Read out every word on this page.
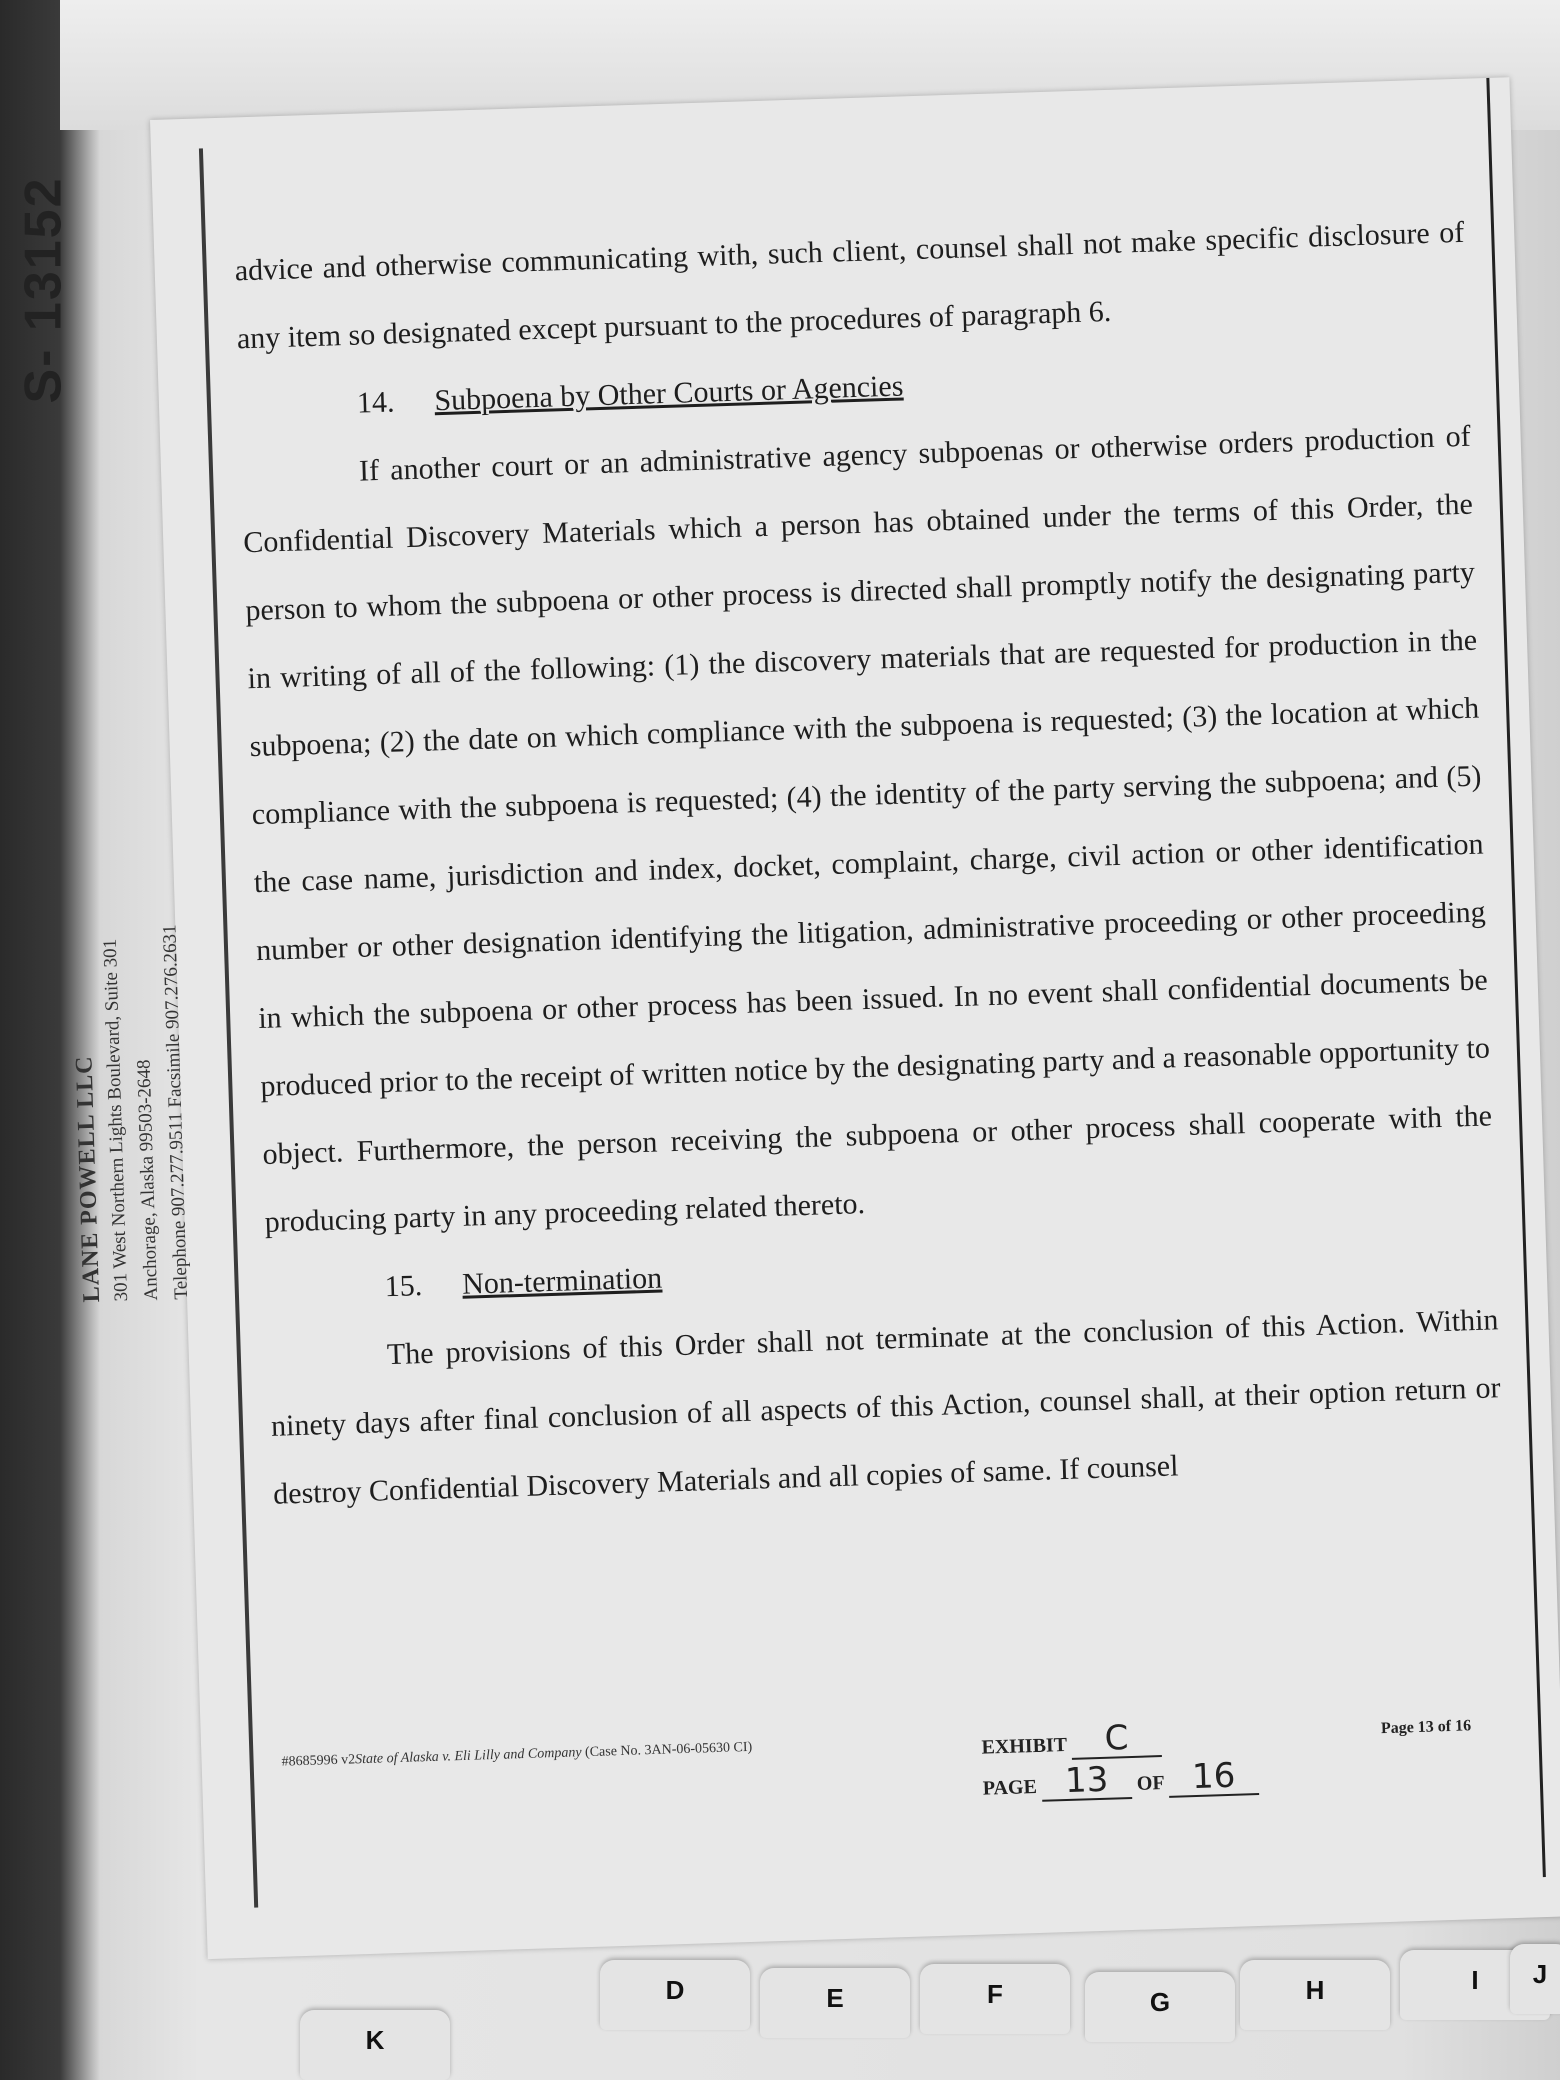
S- 13152
LANE POWELL LLC
301 West Northern Lights Boulevard, Suite 301 Anchorage, Alaska 99503-2648
Telephone 907.277.9511 Facsimile 907.276.2631

advice and otherwise communicating with, such client, counsel shall not make specific disclosure of any item so designated except pursuant to the procedures of paragraph 6.

14. Subpoena by Other Courts or Agencies

If another court or an administrative agency subpoenas or otherwise orders production of Confidential Discovery Materials which a person has obtained under the terms of this Order, the person to whom the subpoena or other process is directed shall promptly notify the designating party in writing of all of the following: (1) the discovery materials that are requested for production in the subpoena; (2) the date on which compliance with the subpoena is requested; (3) the location at which compliance with the subpoena is requested; (4) the identity of the party serving the subpoena; and (5) the case name, jurisdiction and index, docket, complaint, charge, civil action or other identification number or other designation identifying the litigation, administrative proceeding or other proceeding in which the subpoena or other process has been issued. In no event shall confidential documents be produced prior to the receipt of written notice by the designating party and a reasonable opportunity to object. Furthermore, the person receiving the subpoena or other process shall cooperate with the producing party in any proceeding related thereto.

15. Non-termination

The provisions of this Order shall not terminate at the conclusion of this Action. Within ninety days after final conclusion of all aspects of this Action, counsel shall, at their option return or destroy Confidential Discovery Materials and all copies of same. If counsel

#8685996 v2State of Alaska v. Eli Lilly and Company (Case No. 3AN-06-05630 CI)	EXHIBIT C
PAGE 13 OF 16
Page 13 of 16
K
D	E	F	G	H	I	J
